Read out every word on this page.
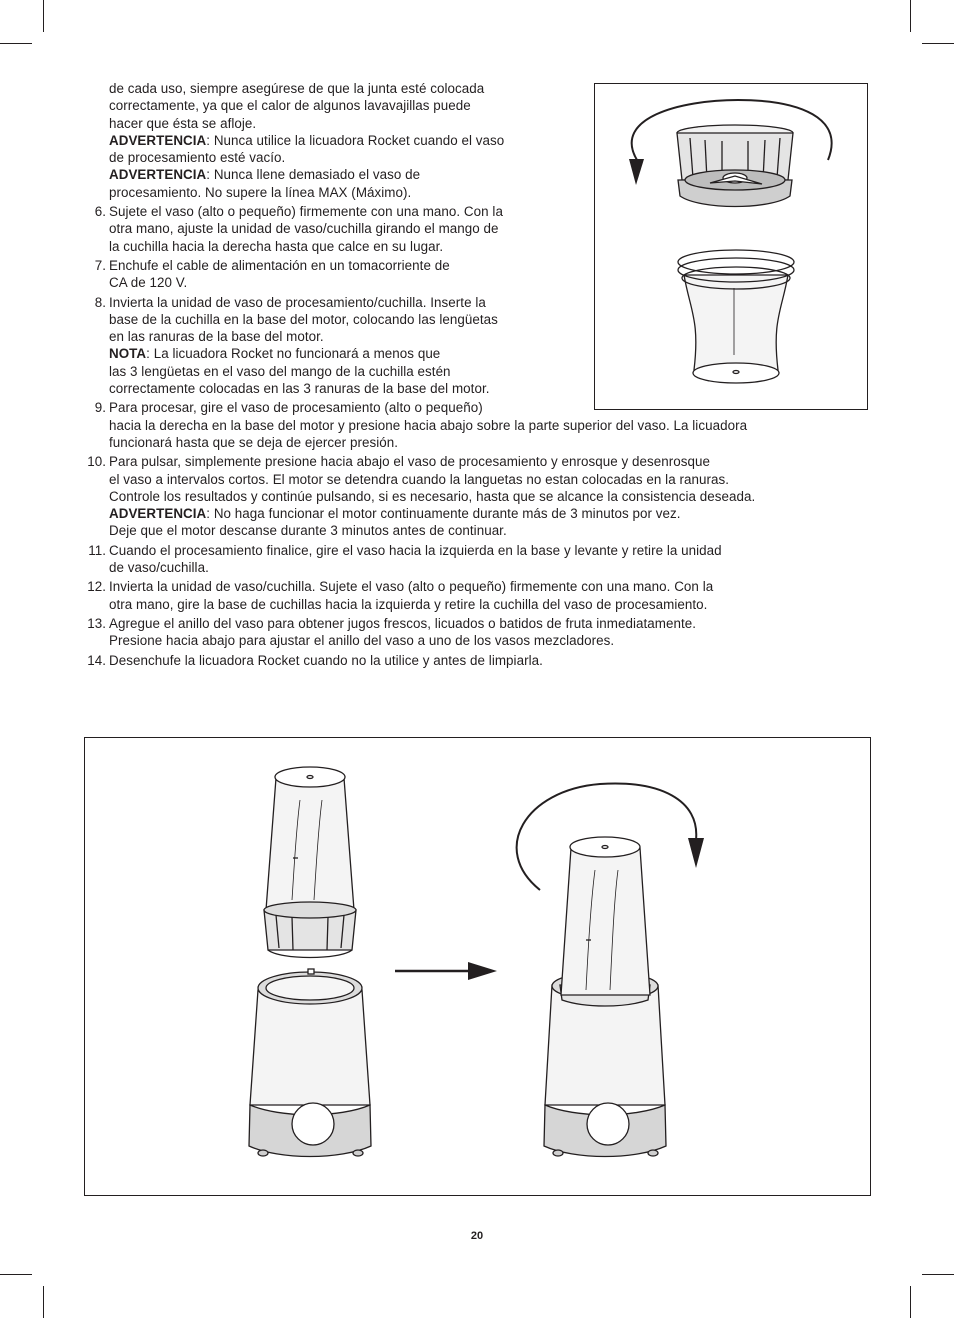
de cada uso, siempre asegúrese de que la junta esté colocada
correctamente, ya que el calor de algunos lavavajillas puede
hacer que ésta se afloje.
ADVERTENCIA: Nunca utilice la licuadora Rocket cuando el vaso
de procesamiento esté vacío.
ADVERTENCIA: Nunca llene demasiado el vaso de
procesamiento. No supere la línea MAX (Máximo).
6. Sujete el vaso (alto o pequeño) firmemente con una mano. Con la
otra mano, ajuste la unidad de vaso/cuchilla girando el mango de
la cuchilla hacia la derecha hasta que calce en su lugar.
7. Enchufe el cable de alimentación en un tomacorriente de
CA de 120 V.
8. Invierta la unidad de vaso de procesamiento/cuchilla. Inserte la
base de la cuchilla en la base del motor, colocando las lengüetas
en las ranuras de la base del motor.
NOTA: La licuadora Rocket no funcionará a menos que
las 3 lengüetas en el vaso del mango de la cuchilla estén
correctamente colocadas en las 3 ranuras de la base del motor.
9. Para procesar, gire el vaso de procesamiento (alto o pequeño)
hacia la derecha en la base del motor y presione hacia abajo sobre la parte superior del vaso. La licuadora
funcionará hasta que se deja de ejercer presión.
10. Para pulsar, simplemente presione hacia abajo el vaso de procesamiento y enrosque y desenrosque
el vaso a intervalos cortos. El motor se detendra cuando la languetas no estan colocadas en la ranuras.
Controle los resultados y continúe pulsando, si es necesario, hasta que se alcance la consistencia deseada.
ADVERTENCIA: No haga funcionar el motor continuamente durante más de 3 minutos por vez.
Deje que el motor descanse durante 3 minutos antes de continuar.
11. Cuando el procesamiento finalice, gire el vaso hacia la izquierda en la base y levante y retire la unidad
de vaso/cuchilla.
12. Invierta la unidad de vaso/cuchilla. Sujete el vaso (alto o pequeño) firmemente con una mano. Con la
otra mano, gire la base de cuchillas hacia la izquierda y retire la cuchilla del vaso de procesamiento.
13. Agregue el anillo del vaso para obtener jugos frescos, licuados o batidos de fruta inmediatamente.
Presione hacia abajo para ajustar el anillo del vaso a uno de los vasos mezcladores.
14. Desenchufe la licuadora Rocket cuando no la utilice y antes de limpiarla.
20
